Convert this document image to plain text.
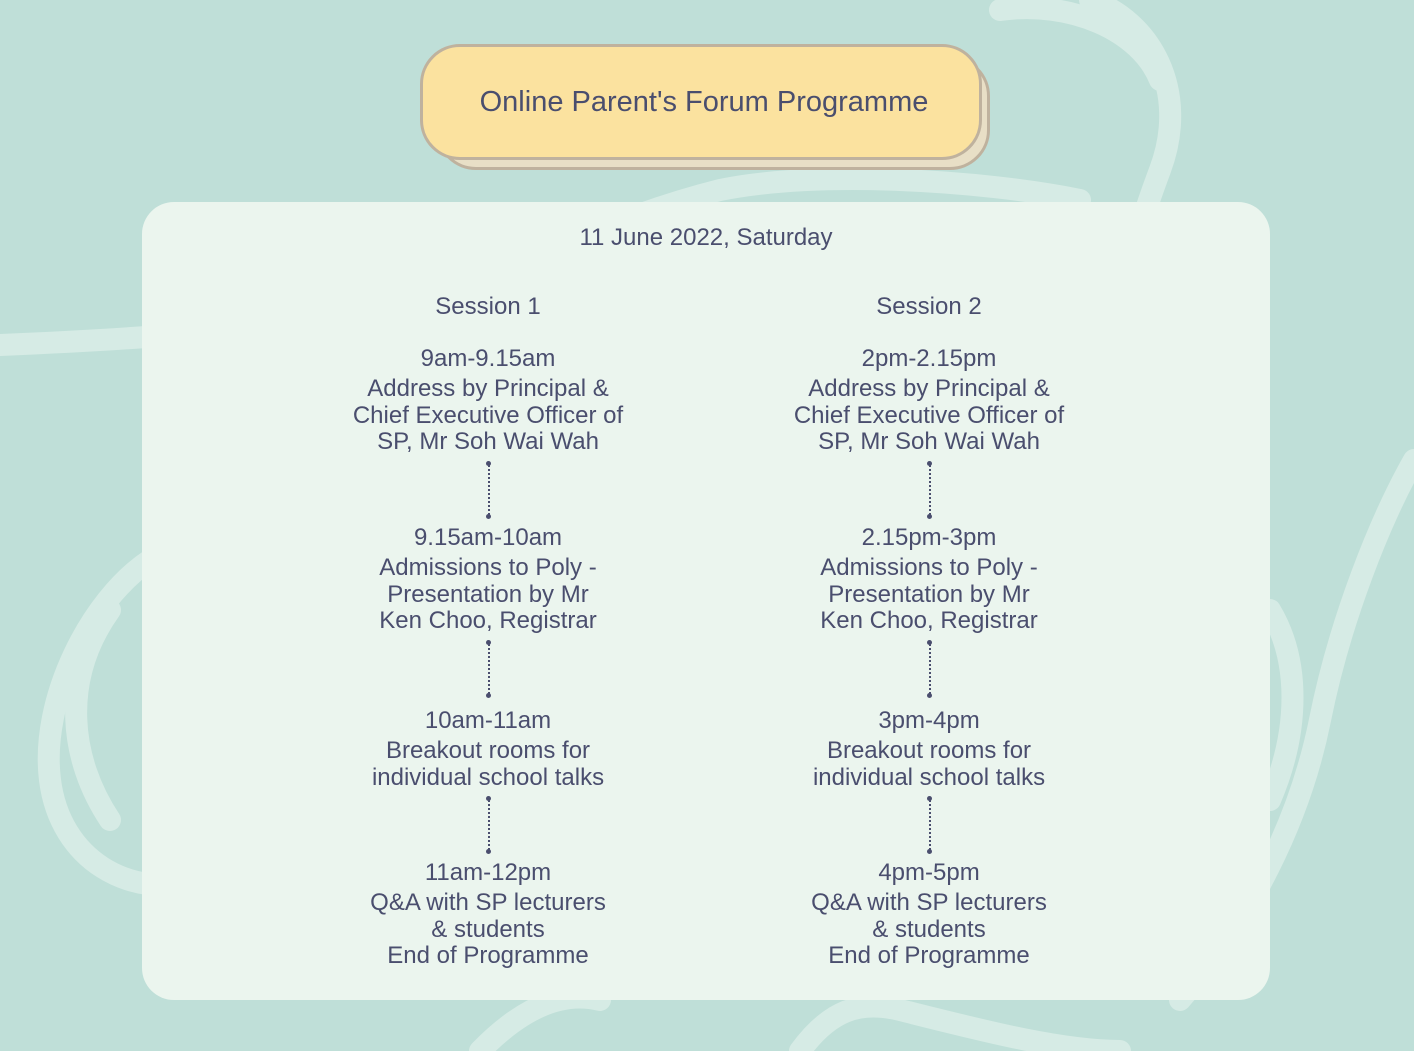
Online Parent's Forum Programme
11 June 2022, Saturday
Session 1
9am-9.15am
Address by Principal &
Chief Executive Officer of
SP, Mr Soh Wai Wah
9.15am-10am
Admissions to Poly -
Presentation by Mr
Ken Choo, Registrar
10am-11am
Breakout rooms for
individual school talks
11am-12pm
Q&A with SP lecturers
& students
End of Programme
Session 2
2pm-2.15pm
Address by Principal &
Chief Executive Officer of
SP, Mr Soh Wai Wah
2.15pm-3pm
Admissions to Poly -
Presentation by Mr
Ken Choo, Registrar
3pm-4pm
Breakout rooms for
individual school talks
4pm-5pm
Q&A with SP lecturers
& students
End of Programme
